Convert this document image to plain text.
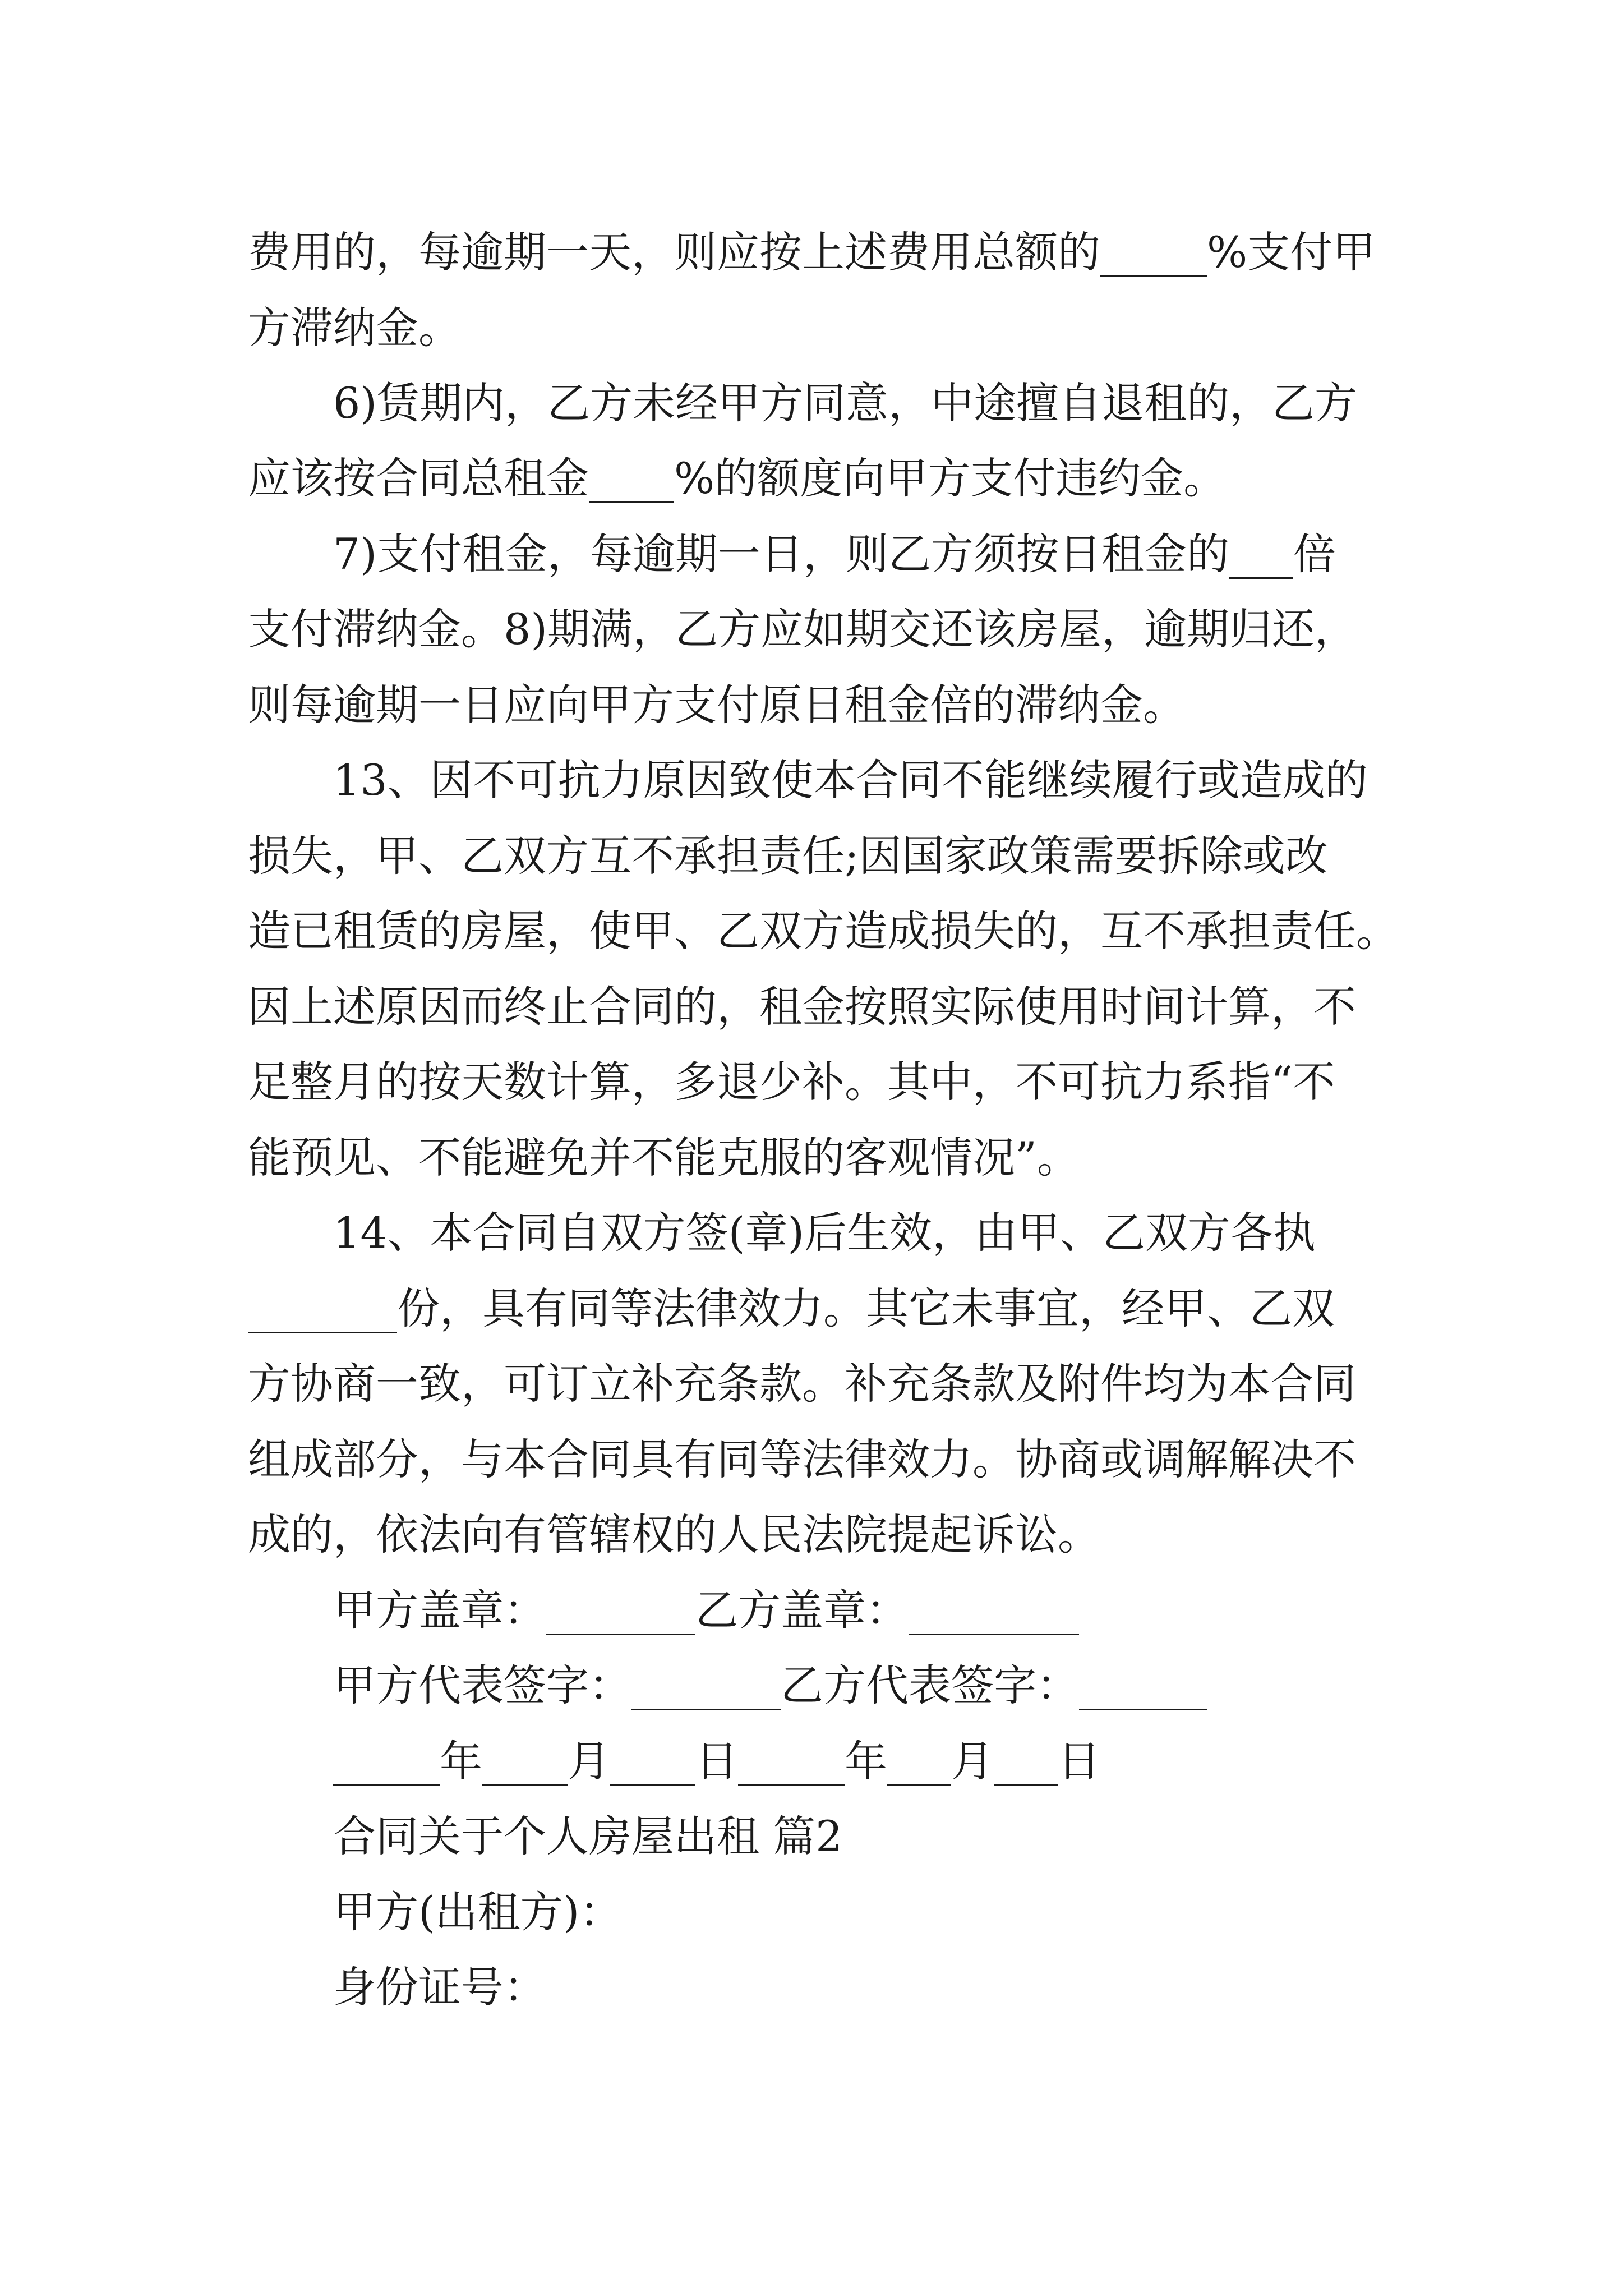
费用的，每逾期一天，则应按上述费用总额的_____%支付甲
方滞纳金。
6)赁期内，乙方未经甲方同意，中途擅自退租的，乙方
应该按合同总租金____%的额度向甲方支付违约金。
7)支付租金，每逾期一日，则乙方须按日租金的___倍
支付滞纳金。8)期满，乙方应如期交还该房屋，逾期归还，
则每逾期一日应向甲方支付原日租金倍的滞纳金。
13、因不可抗力原因致使本合同不能继续履行或造成的
损失，甲、乙双方互不承担责任;因国家政策需要拆除或改
造已租赁的房屋，使甲、乙双方造成损失的，互不承担责任。
因上述原因而终止合同的，租金按照实际使用时间计算，不
足整月的按天数计算，多退少补。其中，不可抗力系指“不
能预见、不能避免并不能克服的客观情况”。
14、本合同自双方签(章)后生效，由甲、乙双方各执
_______份，具有同等法律效力。其它未事宜，经甲、乙双
方协商一致，可订立补充条款。补充条款及附件均为本合同
组成部分，与本合同具有同等法律效力。协商或调解解决不
成的，依法向有管辖权的人民法院提起诉讼。
甲方盖章：_______乙方盖章：________
甲方代表签字：_______乙方代表签字：______
_____年____月____日_____年___月___日
合同关于个人房屋出租 篇2
甲方(出租方)：
身份证号：
